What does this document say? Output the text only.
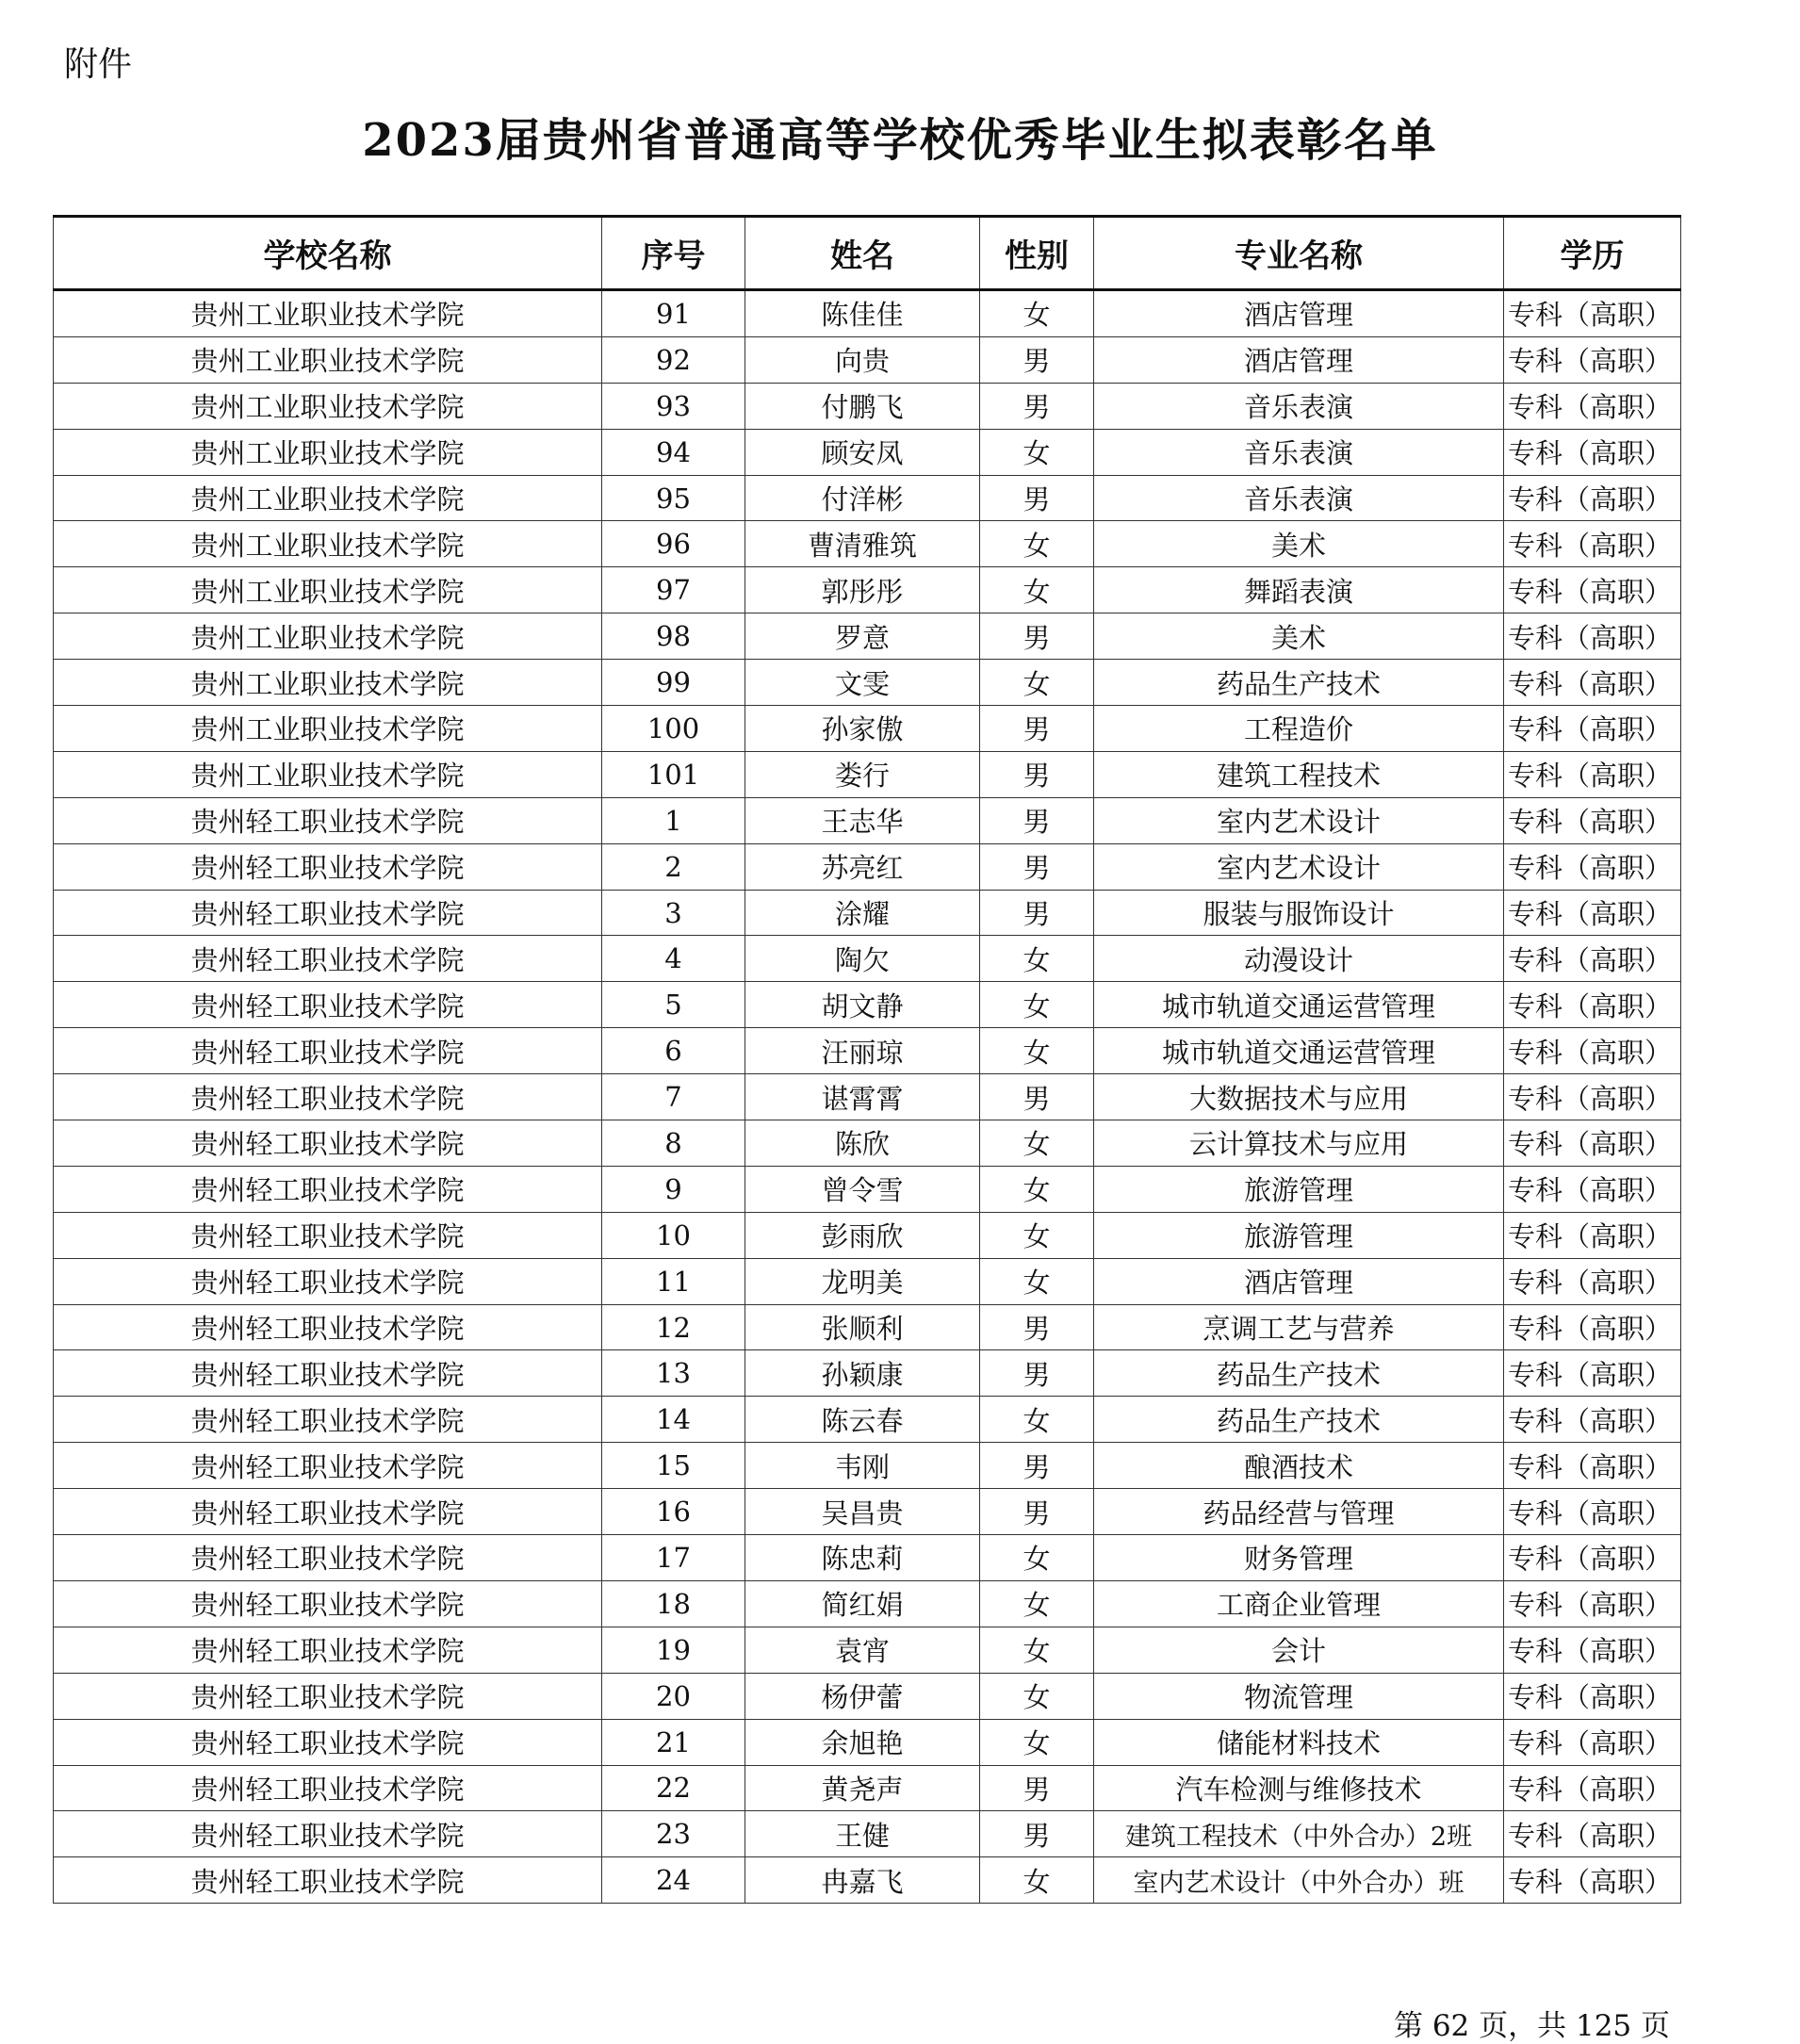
附件
2023届贵州省普通高等学校优秀毕业生拟表彰名单
学校名称	序号	姓名	性别	专业名称	学历
贵州工业职业技术学院	91	陈佳佳	女	酒店管理	专科（高职）
贵州工业职业技术学院	92	向贵	男	酒店管理	专科（高职）
贵州工业职业技术学院	93	付鹏飞	男	音乐表演	专科（高职）
贵州工业职业技术学院	94	顾安凤	女	音乐表演	专科（高职）
贵州工业职业技术学院	95	付洋彬	男	音乐表演	专科（高职）
贵州工业职业技术学院	96	曹清雅筑	女	美术	专科（高职）
贵州工业职业技术学院	97	郭彤彤	女	舞蹈表演	专科（高职）
贵州工业职业技术学院	98	罗意	男	美术	专科（高职）
贵州工业职业技术学院	99	文雯	女	药品生产技术	专科（高职）
贵州工业职业技术学院	100	孙家傲	男	工程造价	专科（高职）
贵州工业职业技术学院	101	娄行	男	建筑工程技术	专科（高职）
贵州轻工职业技术学院	1	王志华	男	室内艺术设计	专科（高职）
贵州轻工职业技术学院	2	苏亮红	男	室内艺术设计	专科（高职）
贵州轻工职业技术学院	3	涂耀	男	服装与服饰设计	专科（高职）
贵州轻工职业技术学院	4	陶欠	女	动漫设计	专科（高职）
贵州轻工职业技术学院	5	胡文静	女	城市轨道交通运营管理	专科（高职）
贵州轻工职业技术学院	6	汪丽琼	女	城市轨道交通运营管理	专科（高职）
贵州轻工职业技术学院	7	谌霄霄	男	大数据技术与应用	专科（高职）
贵州轻工职业技术学院	8	陈欣	女	云计算技术与应用	专科（高职）
贵州轻工职业技术学院	9	曾令雪	女	旅游管理	专科（高职）
贵州轻工职业技术学院	10	彭雨欣	女	旅游管理	专科（高职）
贵州轻工职业技术学院	11	龙明美	女	酒店管理	专科（高职）
贵州轻工职业技术学院	12	张顺利	男	烹调工艺与营养	专科（高职）
贵州轻工职业技术学院	13	孙颖康	男	药品生产技术	专科（高职）
贵州轻工职业技术学院	14	陈云春	女	药品生产技术	专科（高职）
贵州轻工职业技术学院	15	韦刚	男	酿酒技术	专科（高职）
贵州轻工职业技术学院	16	吴昌贵	男	药品经营与管理	专科（高职）
贵州轻工职业技术学院	17	陈忠莉	女	财务管理	专科（高职）
贵州轻工职业技术学院	18	简红娟	女	工商企业管理	专科（高职）
贵州轻工职业技术学院	19	袁宵	女	会计	专科（高职）
贵州轻工职业技术学院	20	杨伊蕾	女	物流管理	专科（高职）
贵州轻工职业技术学院	21	余旭艳	女	储能材料技术	专科（高职）
贵州轻工职业技术学院	22	黄尧声	男	汽车检测与维修技术	专科（高职）
贵州轻工职业技术学院	23	王健	男	建筑工程技术（中外合办）2班	专科（高职）
贵州轻工职业技术学院	24	冉嘉飞	女	室内艺术设计（中外合办）班	专科（高职）
第 62 页，共 125 页
